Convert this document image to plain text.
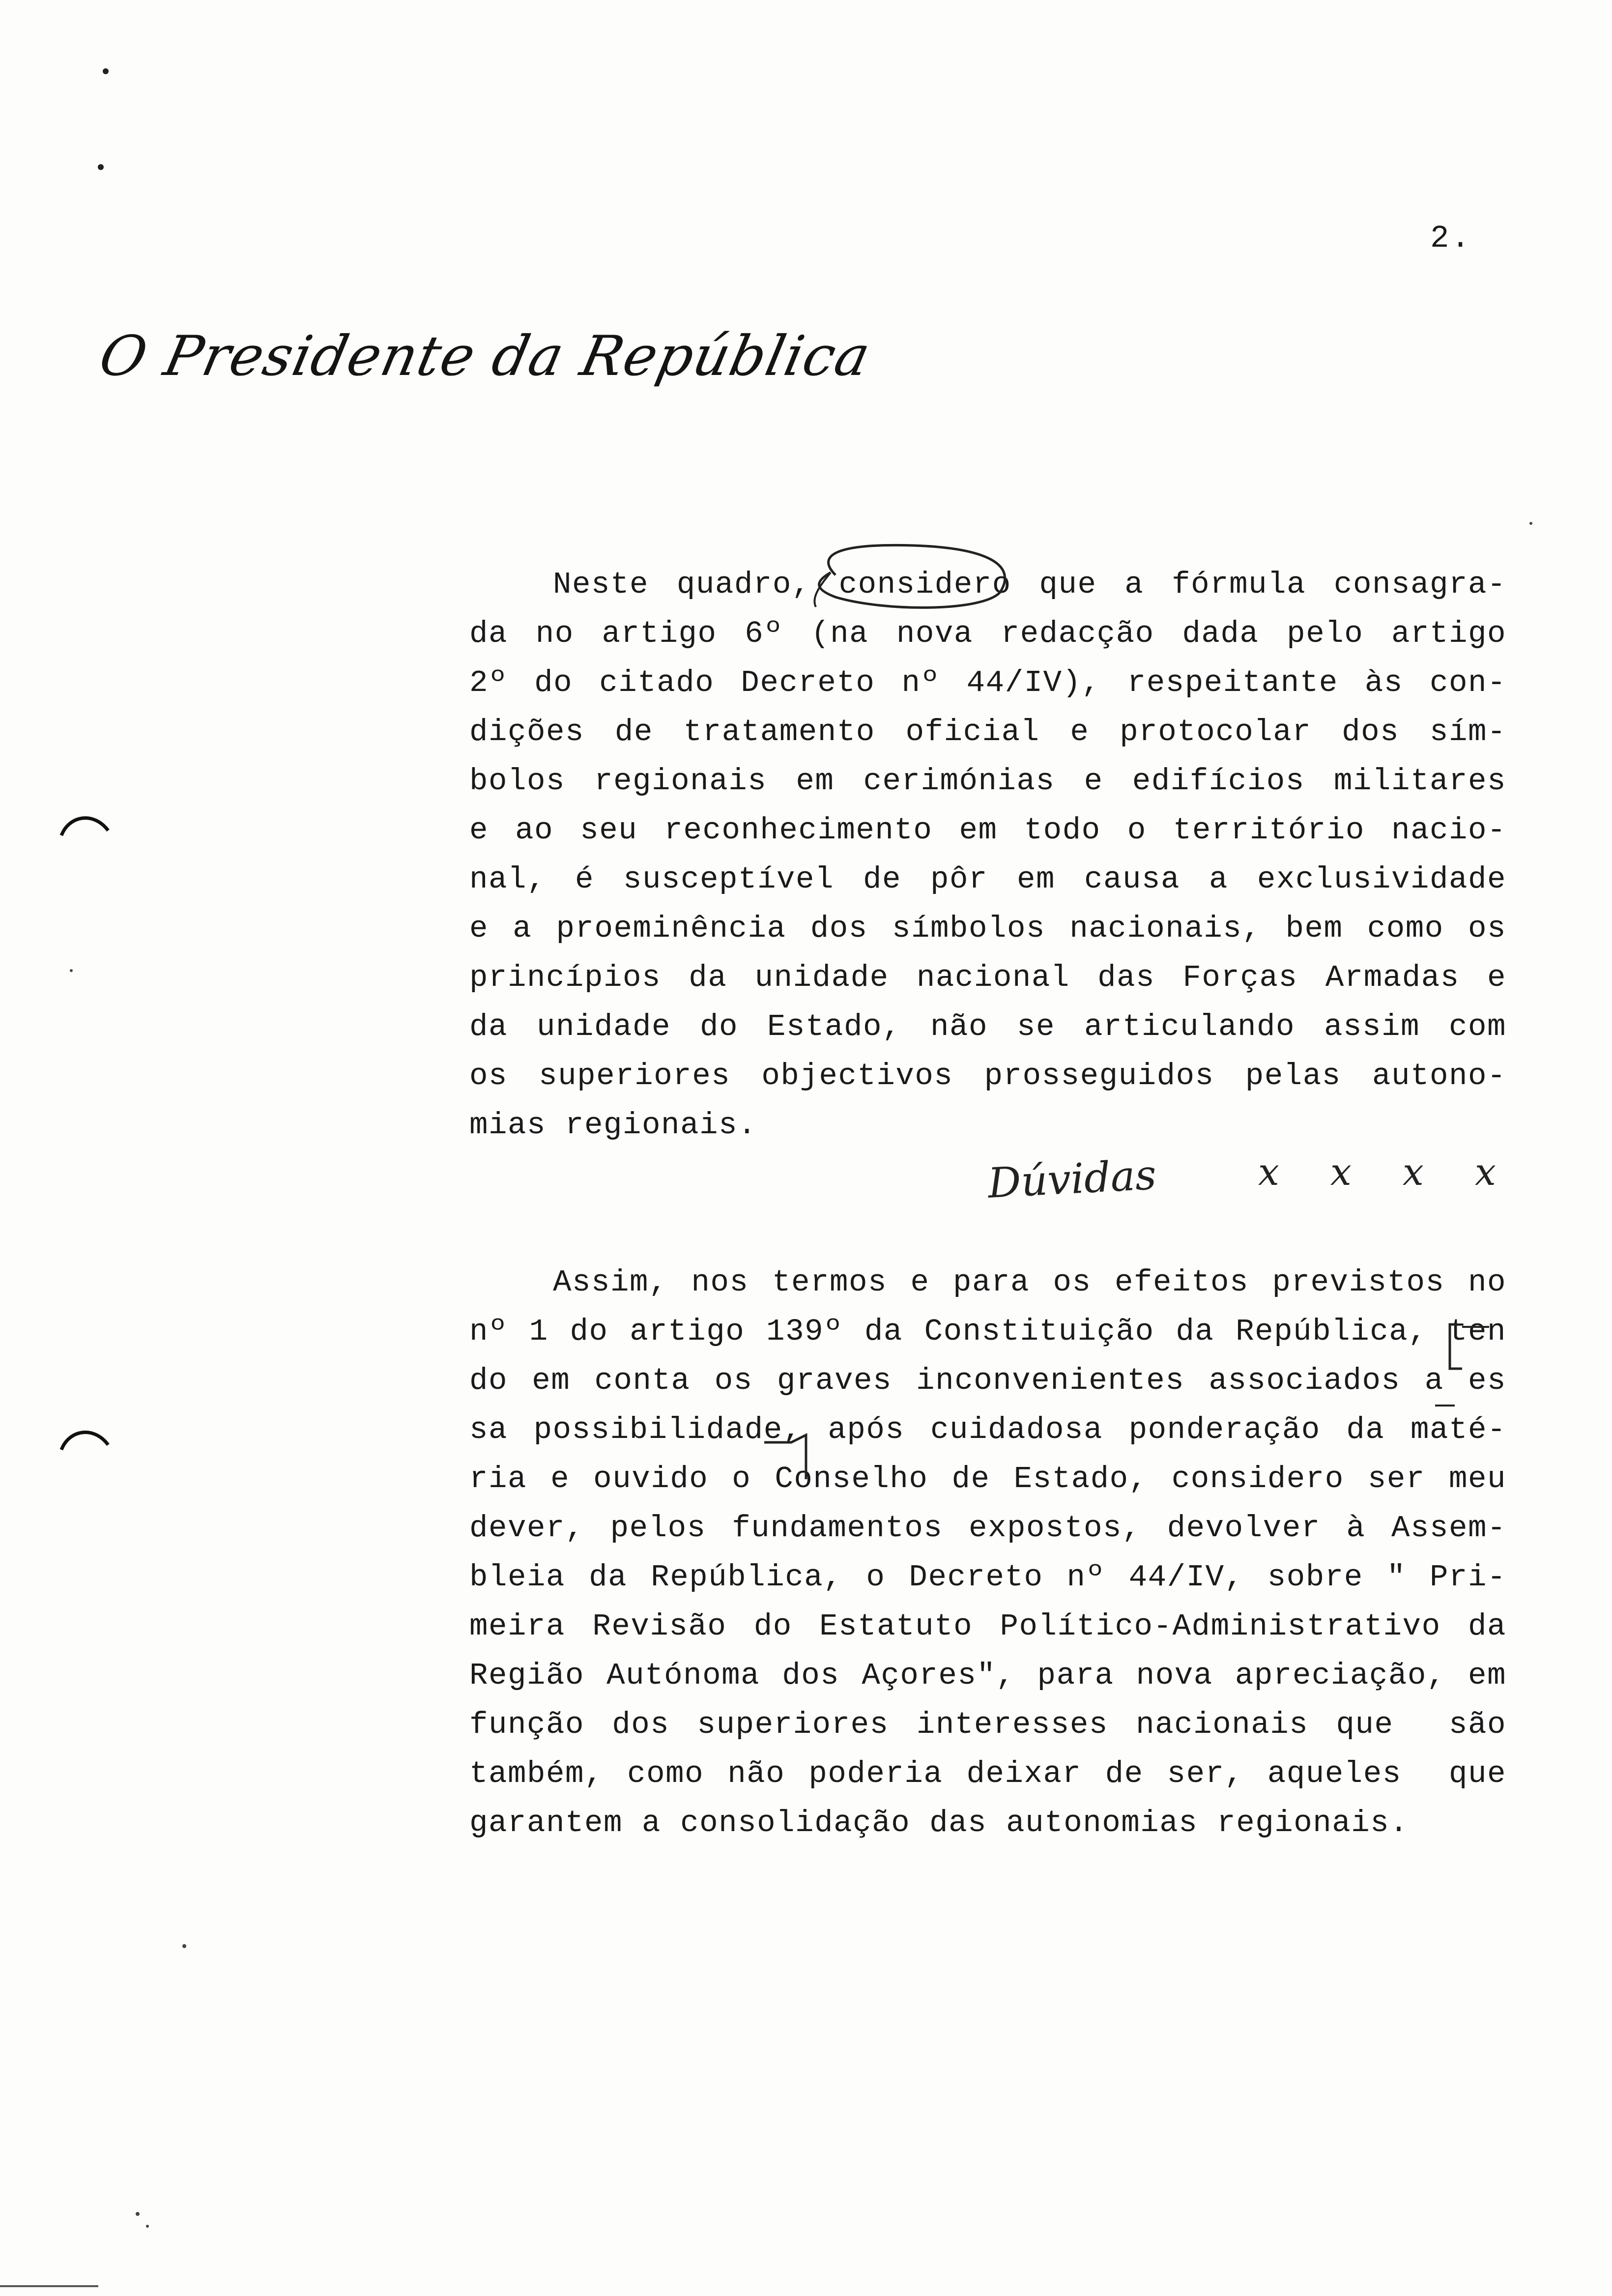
2.
O Presidente da República
Neste quadro, considero que a fórmula consagra-
da no artigo 6º (na nova redacção dada pelo artigo
2º do citado Decreto nº 44/IV), respeitante às con-
dições de tratamento oficial e protocolar dos sím-
bolos regionais em cerimónias e edifícios militares
e ao seu reconhecimento em todo o território nacio-
nal, é susceptível de pôr em causa a exclusividade
e a proeminência dos símbolos nacionais, bem como os
princípios da unidade nacional das Forças Armadas e
da unidade do Estado, não se articulando assim com
os superiores objectivos prosseguidos pelas autono-
mias regionais.
Dúvidas	x x x x
Assim, nos termos e para os efeitos previstos no
nº 1 do artigo 139º da Constituição da República, ten
do em conta os graves inconvenientes associados a es
sa possibilidade, após cuidadosa ponderação da maté-
ria e ouvido o Conselho de Estado, considero ser meu
dever, pelos fundamentos expostos, devolver à Assem-
bleia da República, o Decreto nº 44/IV, sobre " Pri-
meira Revisão do Estatuto Político-Administrativo da
Região Autónoma dos Açores", para nova apreciação, em
função dos superiores interesses nacionais que  são
também, como não poderia deixar de ser, aqueles  que
garantem a consolidação das autonomias regionais.
